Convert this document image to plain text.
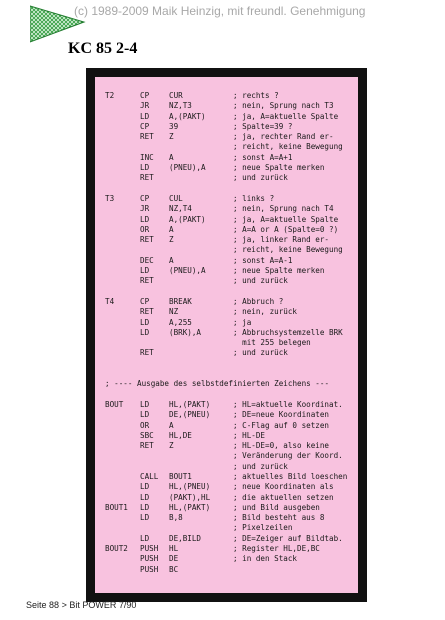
(c) 1989-2009 Maik Heinzig, mit freundl. Genehmigung
KC 85 2-4
T2	CP	CUR	; rechts ?
JR	NZ,T3	; nein, Sprung nach T3
LD	A,(PAKT)	; ja, A=aktuelle Spalte
CP	39	; Spalte=39 ?
RET Z	; ja, rechter Rand er-
; reicht, keine Bewegung
INC A	; sonst A=A+1
LD	(PNEU),A	; neue Spalte merken
RET	; und zurück
T3	CP	CUL	; links ?
JR	NZ,T4	; nein, Sprung nach T4
LD	A,(PAKT)	; ja, A=aktuelle Spalte
OR	A	; A=A or A (Spalte=0 ?)
RET Z	; ja, linker Rand er-
; reicht, keine Bewegung
DEC A	; sonst A=A-1
LD	(PNEU),A	; neue Spalte merken
RET	; und zurück
T4	CP	BREAK	; Abbruch ?
RET NZ	; nein, zurück
LD	A,255	; ja
LD	(BRK),A	; Abbruchsystemzelle BRK
mit 255 belegen
RET	; und zurück
; ---- Ausgabe des selbstdefinierten Zeichens ---
BOUT LD	HL,(PAKT)	; HL=aktuelle Koordinat.
LD	DE,(PNEU)	; DE=neue Koordinaten
OR	A	; C-Flag auf 0 setzen
SBC HL,DE	; HL-DE
RET Z	; HL-DE=0, also keine
; Veränderung der Koord.
; und zurück
CALL BOUT1	; aktuelles Bild loeschen
LD	HL,(PNEU)	; neue Koordinaten als
LD	(PAKT),HL	; die aktuellen setzen
BOUT1 LD	HL,(PAKT)	; und Bild ausgeben
LD	B,8	; Bild besteht aus 8
; Pixelzeilen
LD	DE,BILD	; DE=Zeiger auf Bildtab.
BOUT2 PUSH HL	; Register HL,DE,BC
PUSH DE	; in den Stack
PUSH BC
Seite 88 > Bit POWER 7/90
